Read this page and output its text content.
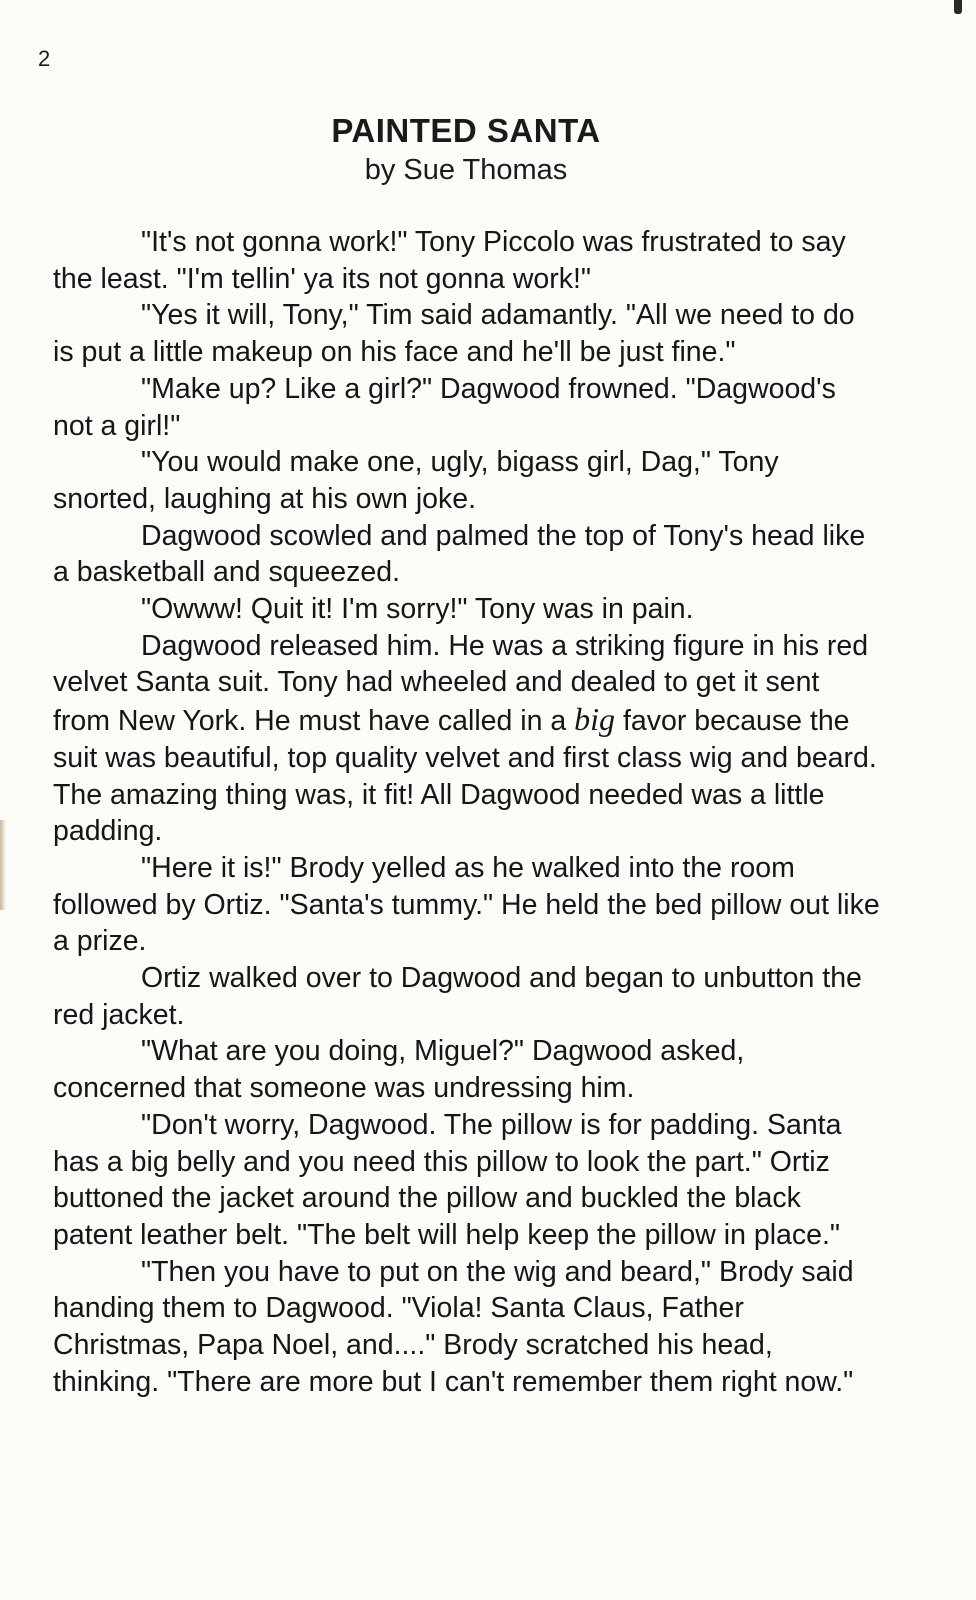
2
PAINTED SANTA
by Sue Thomas

"It's not gonna work!" Tony Piccolo was frustrated to say the least. "I'm tellin' ya its not gonna work!"

"Yes it will, Tony," Tim said adamantly. "All we need to do is put a little makeup on his face and he'll be just fine."

"Make up? Like a girl?" Dagwood frowned. "Dagwood's not a girl!"

"You would make one, ugly, bigass girl, Dag," Tony snorted, laughing at his own joke.

Dagwood scowled and palmed the top of Tony's head like a basketball and squeezed.

"Owww! Quit it! I'm sorry!" Tony was in pain.

Dagwood released him. He was a striking figure in his red velvet Santa suit. Tony had wheeled and dealed to get it sent from New York. He must have called in a big favor because the suit was beautiful, top quality velvet and first class wig and beard. The amazing thing was, it fit! All Dagwood needed was a little padding.

"Here it is!" Brody yelled as he walked into the room followed by Ortiz. "Santa's tummy." He held the bed pillow out like a prize.

Ortiz walked over to Dagwood and began to unbutton the red jacket.

"What are you doing, Miguel?" Dagwood asked, concerned that someone was undressing him.

"Don't worry, Dagwood. The pillow is for padding. Santa has a big belly and you need this pillow to look the part." Ortiz buttoned the jacket around the pillow and buckled the black patent leather belt. "The belt will help keep the pillow in place."

"Then you have to put on the wig and beard," Brody said handing them to Dagwood. "Viola! Santa Claus, Father Christmas, Papa Noel, and...." Brody scratched his head, thinking. "There are more but I can't remember them right now."
